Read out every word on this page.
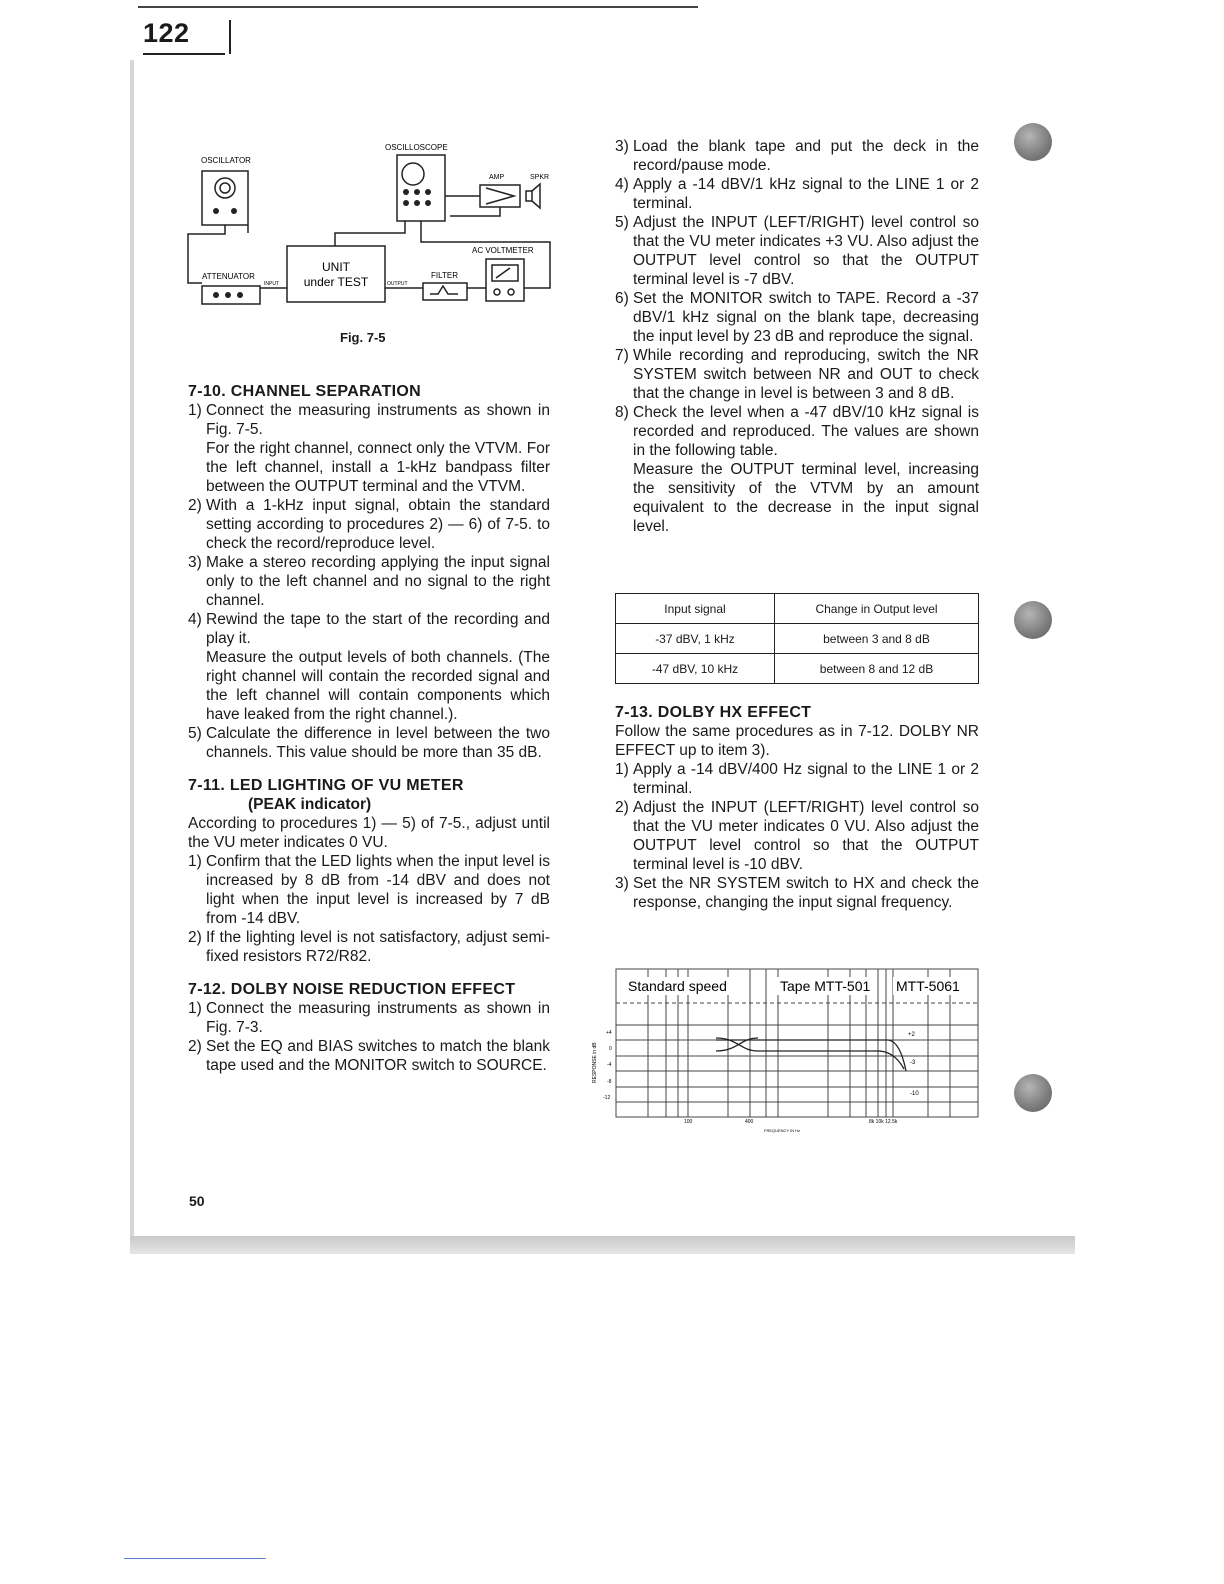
122
OSCILLATOR
OSCILLOSCOPE
AMP	SPKR
AC VOLTMETER
ATTENUATOR
INPUT	OUTPUT
FILTER
UNIT
under TEST
Fig. 7-5

7-10. CHANNEL SEPARATION

1) Connect the measuring instruments as shown in Fig. 7-5.

For the right channel, connect only the VTVM. For the left channel, install a 1-kHz bandpass filter between the OUTPUT terminal and the VTVM.

2) With a 1-kHz input signal, obtain the standard setting according to procedures 2) — 6) of 7-5. to check the record/reproduce level.
3) Make a stereo recording applying the input signal only to the left channel and no signal to the right channel.
4) Rewind the tape to the start of the recording and play it.

Measure the output levels of both channels. (The right channel will contain the recorded signal and the left channel will contain components which have leaked from the right channel.).

5) Calculate the difference in level between the two channels. This value should be more than 35 dB.

7-11. LED LIGHTING OF VU METER

(PEAK indicator)

According to procedures 1) — 5) of 7-5., adjust until the VU meter indicates 0 VU.

1) Confirm that the LED lights when the input level is increased by 8 dB from -14 dBV and does not light when the input level is increased by 7 dB from -14 dBV.
2) If the lighting level is not satisfactory, adjust semi-fixed resistors R72/R82.

7-12. DOLBY NOISE REDUCTION EFFECT

1) Connect the measuring instruments as shown in Fig. 7-3.
2) Set the EQ and BIAS switches to match the blank tape used and the MONITOR switch to SOURCE.
3) Load the blank tape and put the deck in the record/pause mode.
4) Apply a -14 dBV/1 kHz signal to the LINE 1 or 2 terminal.
5) Adjust the INPUT (LEFT/RIGHT) level control so that the VU meter indicates +3 VU. Also adjust the OUTPUT level control so that the OUTPUT terminal level is -7 dBV.
6) Set the MONITOR switch to TAPE. Record a -37 dBV/1 kHz signal on the blank tape, decreasing the input level by 23 dB and reproduce the signal.
7) While recording and reproducing, switch the NR SYSTEM switch between NR and OUT to check that the change in level is between 3 and 8 dB.
8) Check the level when a -47 dBV/10 kHz signal is recorded and reproduced. The values are shown in the following table.

Measure the OUTPUT terminal level, increasing the sensitivity of the VTVM by an amount equivalent to the decrease in the input signal level.

Input signal	Change in Output level
-37 dBV, 1 kHz	between 3 and 8 dB
-47 dBV, 10 kHz	between 8 and 12 dB

7-13. DOLBY HX EFFECT

Follow the same procedures as in 7-12. DOLBY NR EFFECT up to item 3).

1) Apply a -14 dBV/400 Hz signal to the LINE 1 or 2 terminal.
2) Adjust the INPUT (LEFT/RIGHT) level control so that the VU meter indicates 0 VU. Also adjust the OUTPUT level control so that the OUTPUT terminal level is -10 dBV.
3) Set the NR SYSTEM switch to HX and check the response, changing the input signal frequency.
Standard speed	Tape MTT-501 MTT-5061
RESPONSE in dB
+4
0
-4
-8
-12
100	400	8k 10k 12.5k
FREQUENCY IN Hz
+2
-3
-10
50
